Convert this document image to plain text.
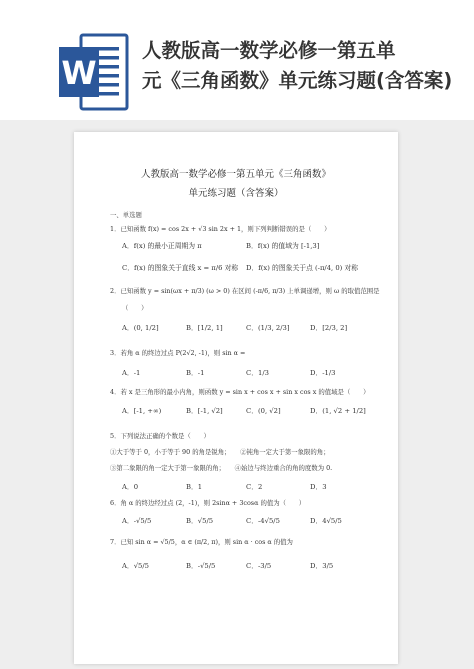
W
人教版高一数学必修一第五单
元《三角函数》单元练习题(含答案)
人教版高一数学必修一第五单元《三角函数》
单元练习题（含答案）
一、单选题
1．已知函数 f(x) = cos 2x + √3 sin 2x + 1，则下列判断错误的是（　　）
A．f(x) 的最小正周期为 π	B．f(x) 的值域为 [-1,3]
C．f(x) 的图象关于直线 x = π/6 对称 D．f(x) 的图象关于点 (-π/4, 0) 对称
2．已知函数 y = sin(ωx + π/3) (ω > 0) 在区间 (-π/6, π/3) 上单调递增，则 ω 的取值范围是
（　　）
A．(0, 1/2]	B．[1/2, 1]	C．(1/3, 2/3]	D．[2/3, 2]
3．若角 α 的终边过点 P(2√2, -1)，则 sin α =
A．-1	B．-1	C．1/3	D．-1/3
4．若 x 是三角形的最小内角，则函数 y = sin x + cos x + sin x cos x 的值域是（　　）
A．[-1, +∞)	B．[-1, √2]	C．(0, √2]	D．(1, √2 + 1/2]
5．下列说法正确的个数是（　　）
①大于等于 0，小于等于 90 的角是锐角；　　②钝角一定大于第一象限的角；
③第二象限的角一定大于第一象限的角；　　④始边与终边重合的角的度数为 0.
A．0	B．1	C．2	D．3
6．角 α 的终边经过点 (2，-1)，则 2sinα + 3cosα 的值为（　　）
A．-√5/5	B．√5/5	C．-4√5/5	D．4√5/5
7．已知 sin α = √5/5，α ∈ (π/2, π)，则 sin α · cos α 的值为
A．√5/5	B．-√5/5	C．-3/5	D．3/5
